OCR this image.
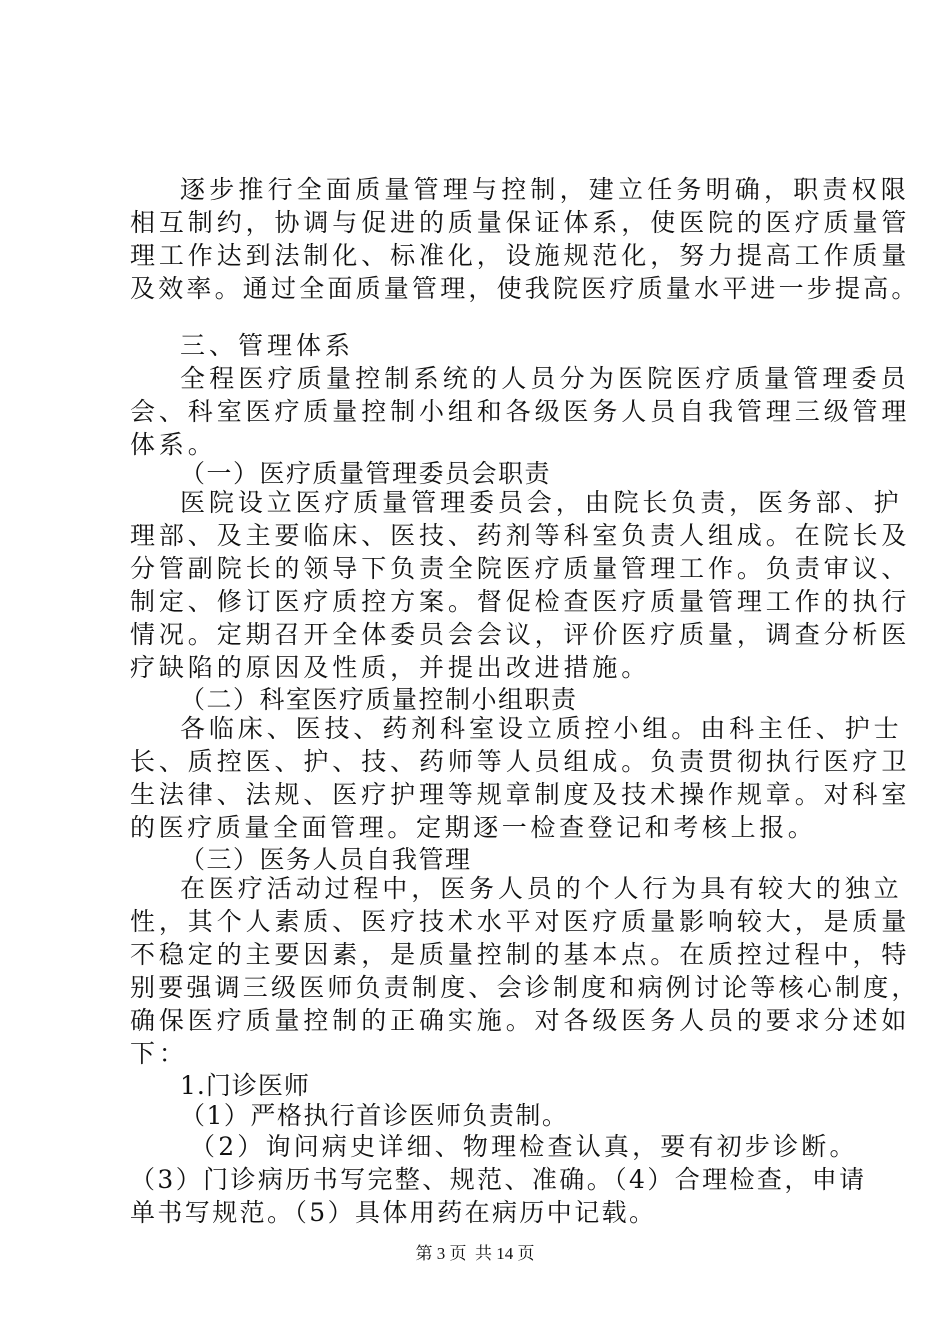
逐步推行全面质量管理与控制，建立任务明确，职责权限
相互制约，协调与促进的质量保证体系，使医院的医疗质量管
理工作达到法制化、标准化，设施规范化，努力提高工作质量
及效率。通过全面质量管理，使我院医疗质量水平进一步提高。
三、管理体系
全程医疗质量控制系统的人员分为医院医疗质量管理委员
会、科室医疗质量控制小组和各级医务人员自我管理三级管理
体系。
（一）医疗质量管理委员会职责
医院设立医疗质量管理委员会，由院长负责，医务部、护
理部、及主要临床、医技、药剂等科室负责人组成。在院长及
分管副院长的领导下负责全院医疗质量管理工作。负责审议、
制定、修订医疗质控方案。督促检查医疗质量管理工作的执行
情况。定期召开全体委员会会议，评价医疗质量，调查分析医
疗缺陷的原因及性质，并提出改进措施。
（二）科室医疗质量控制小组职责
各临床、医技、药剂科室设立质控小组。由科主任、护士
长、质控医、护、技、药师等人员组成。负责贯彻执行医疗卫
生法律、法规、医疗护理等规章制度及技术操作规章。对科室
的医疗质量全面管理。定期逐一检查登记和考核上报。
（三）医务人员自我管理
在医疗活动过程中，医务人员的个人行为具有较大的独立
性，其个人素质、医疗技术水平对医疗质量影响较大，是质量
不稳定的主要因素，是质量控制的基本点。在质控过程中，特
别要强调三级医师负责制度、会诊制度和病例讨论等核心制度，
确保医疗质量控制的正确实施。对各级医务人员的要求分述如
下：
1.门诊医师
（1）严格执行首诊医师负责制。
（2）询问病史详细、物理检查认真，要有初步诊断。
（3）门诊病历书写完整、规范、准确。（4）合理检查，申请
单书写规范。（5）具体用药在病历中记载。
第 3 页  共 14 页
